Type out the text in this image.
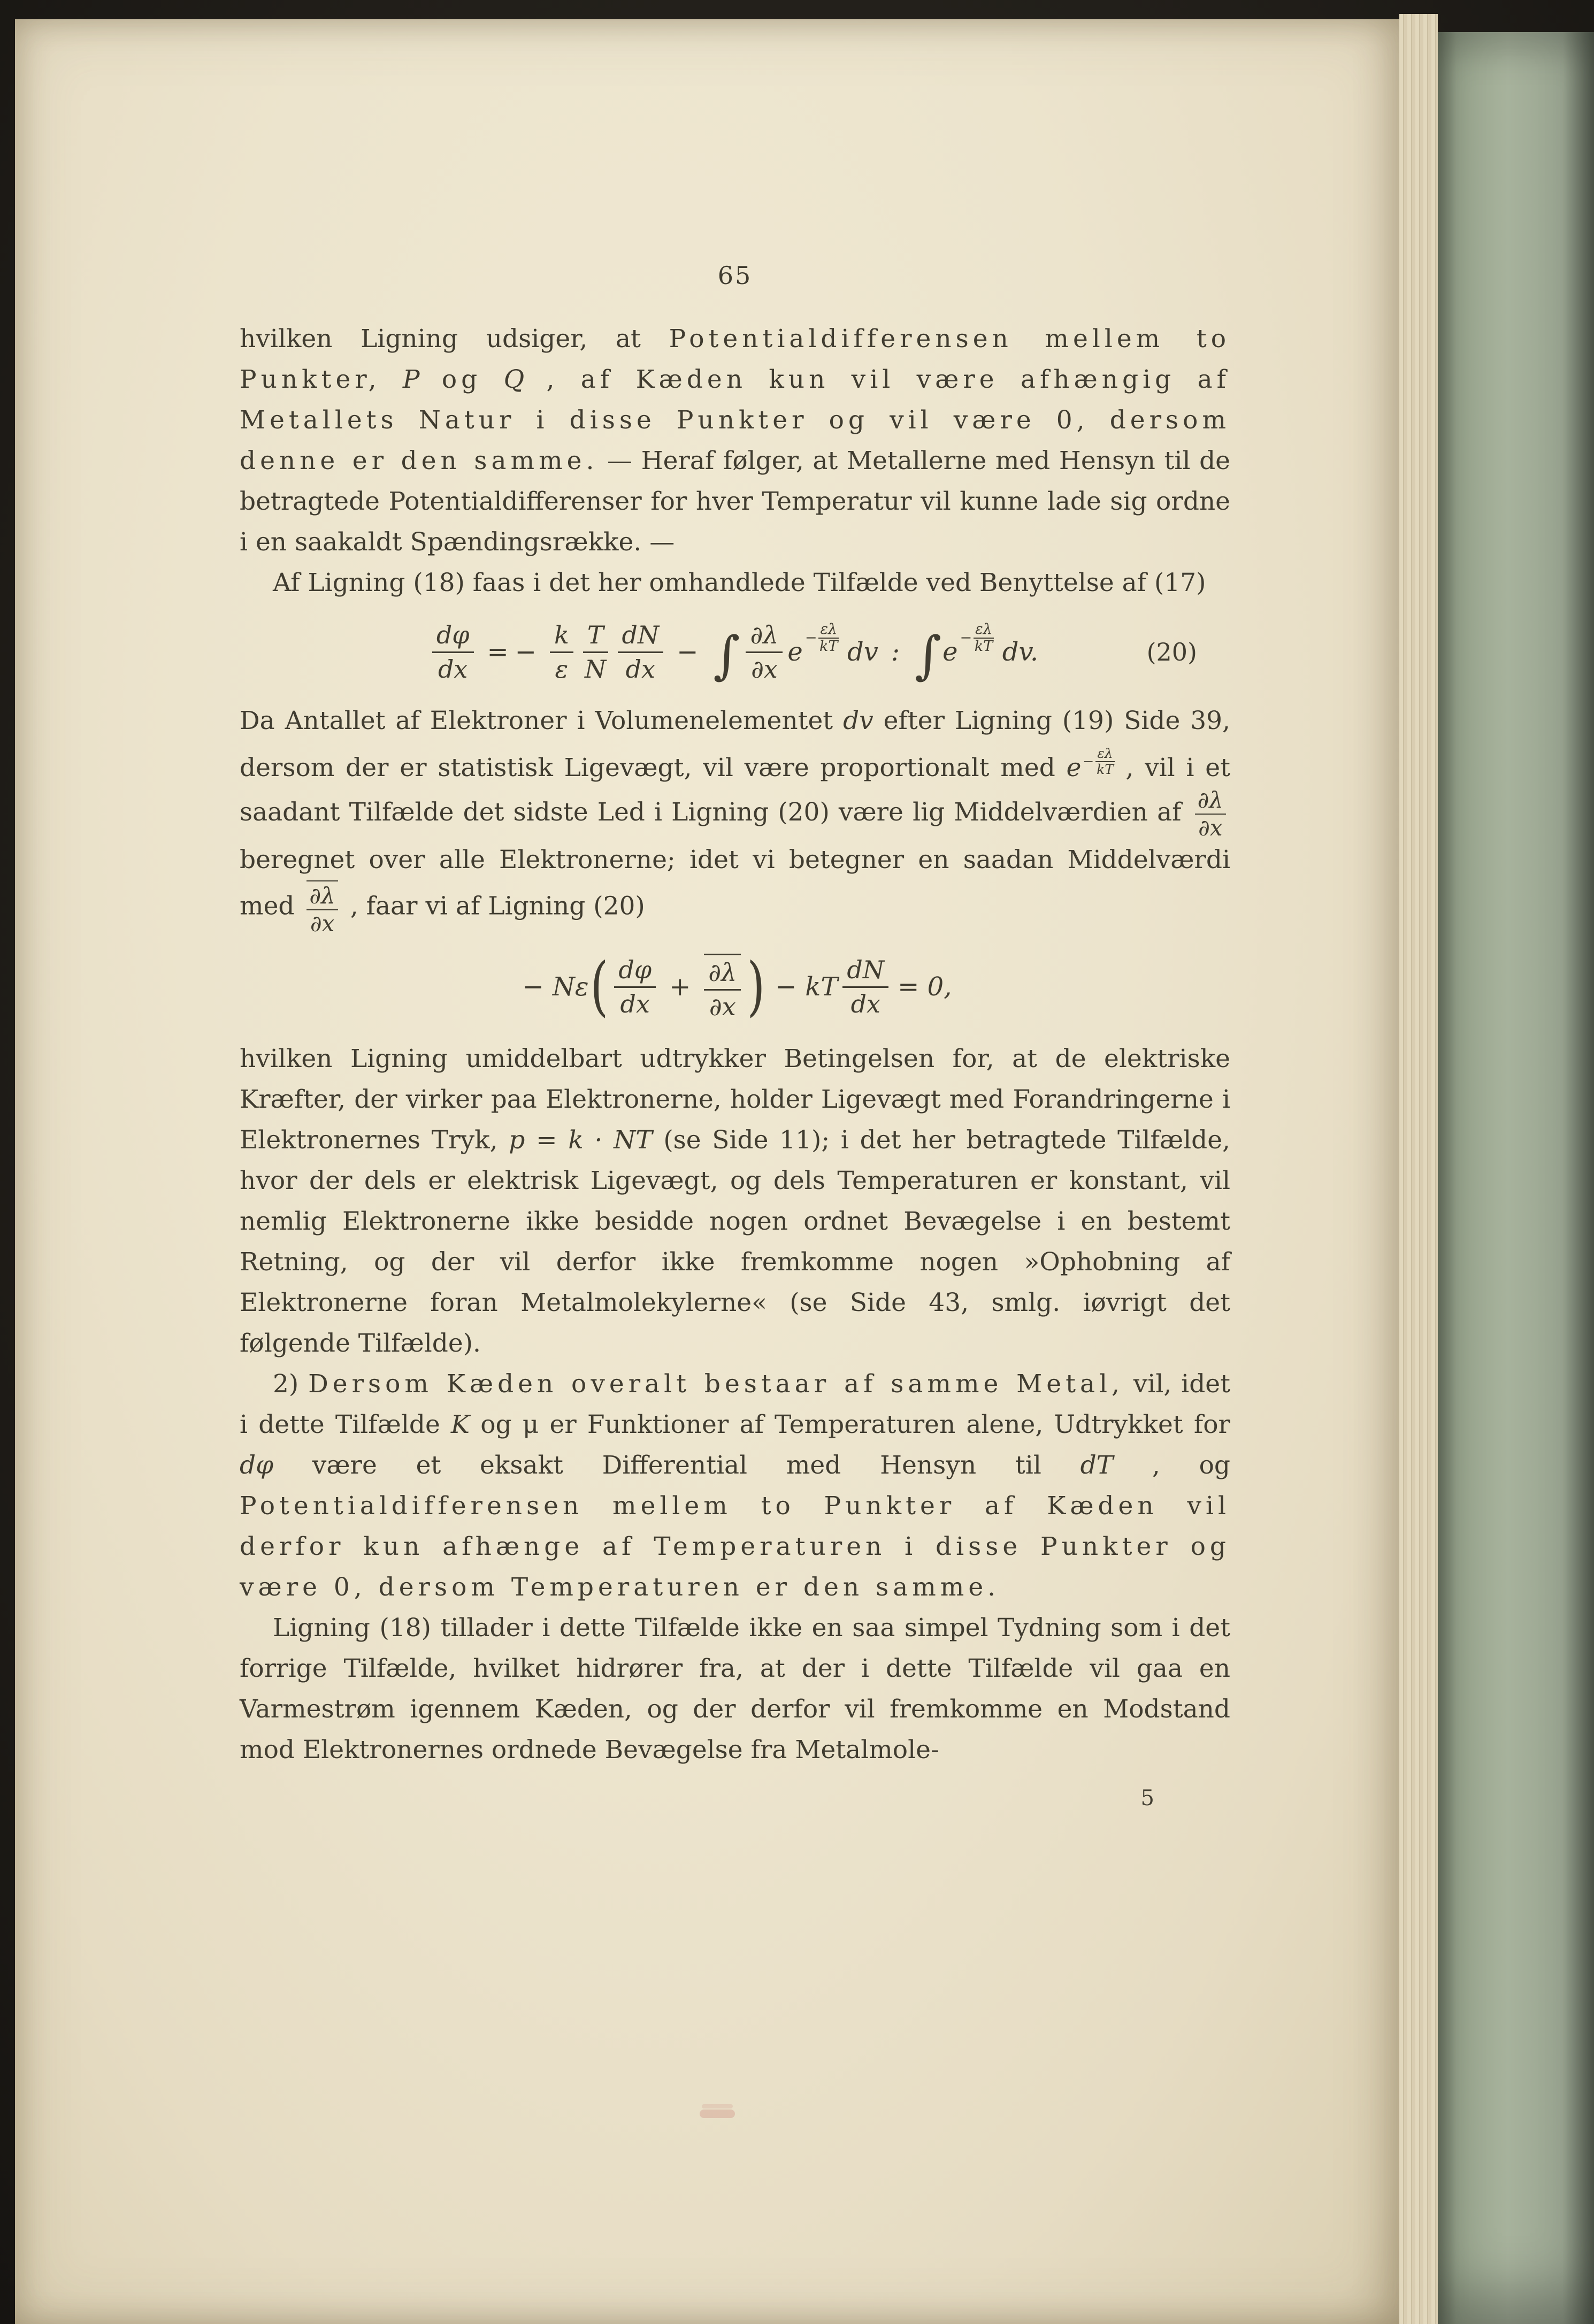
65

hvilken Ligning udsiger, at Potentialdifferensen mellem to Punkter, P og Q , af Kæden kun vil være afhængig af Metallets Natur i disse Punkter og vil være 0, dersom denne er den samme. — Heraf følger, at Metallerne med Hensyn til de betragtede Potentialdifferenser for hver Temperatur vil kunne lade sig ordne i en saakaldt Spændingsrække. —

Af Ligning (18) faas i det her omhandlede Tilfælde ved Benyttelse af (17)

$\frac{d\varphi}{dx}$ = − $\frac{k}{\varepsilon} \frac{T}{N} \frac{dN}{dx}$ − ∫ $\frac{\partial\lambda}{\partial x}$ $e - \frac{\varepsilon\lambda}{kT}$ dv : ∫ $e - \frac{\varepsilon\lambda}{kT}$ dv.	(20)

Da Antallet af Elektroner i Volumenelementet dv efter Ligning (19) Side 39, dersom der er statistisk Ligevægt, vil være proportionalt med $e - \frac{\varepsilon\lambda}{kT}$ , vil i et saadant Tilfælde det sidste Led i Ligning (20) være lig Middelværdien af $\frac{\partial\lambda}{\partial x}$
beregnet over alle Elektronerne; idet vi betegner en saadan Middelværdi med $\frac{\partial\lambda}{\partial x}$ , faar vi af Ligning (20)

− Nε ( $\frac{d\varphi}{dx} + \frac{\partial\lambda}{\partial x}$ ) − kT $\frac{dN}{dx} = 0$,

hvilken Ligning umiddelbart udtrykker Betingelsen for, at de elektriske Kræfter, der virker paa Elektronerne, holder Ligevægt med Forandringerne i Elektronernes Tryk, p = k · NT (se Side 11); i det her betragtede Tilfælde, hvor der dels er elektrisk Ligevægt, og dels Temperaturen er konstant, vil nemlig Elektronerne ikke besidde nogen ordnet Bevægelse i en bestemt Retning, og der vil derfor ikke fremkomme nogen »Ophobning af Elektronerne foran Metalmolekylerne« (se Side 43, smlg. iøvrigt det følgende Tilfælde).

2) Dersom Kæden overalt bestaar af samme Metal, vil, idet i dette Tilfælde K og μ er Funktioner af Temperaturen alene, Udtrykket for dφ være et eksakt Differential med Hensyn til dT , og Potentialdifferensen mellem to Punkter af Kæden vil derfor kun afhænge af Temperaturen i disse Punkter og være 0, dersom Temperaturen er den samme.

Ligning (18) tillader i dette Tilfælde ikke en saa simpel Tydning som i det forrige Tilfælde, hvilket hidrører fra, at der i dette Tilfælde vil gaa en Varmestrøm igennem Kæden, og der derfor vil fremkomme en Modstand mod Elektronernes ordnede Bevægelse fra Metalmole-

5
